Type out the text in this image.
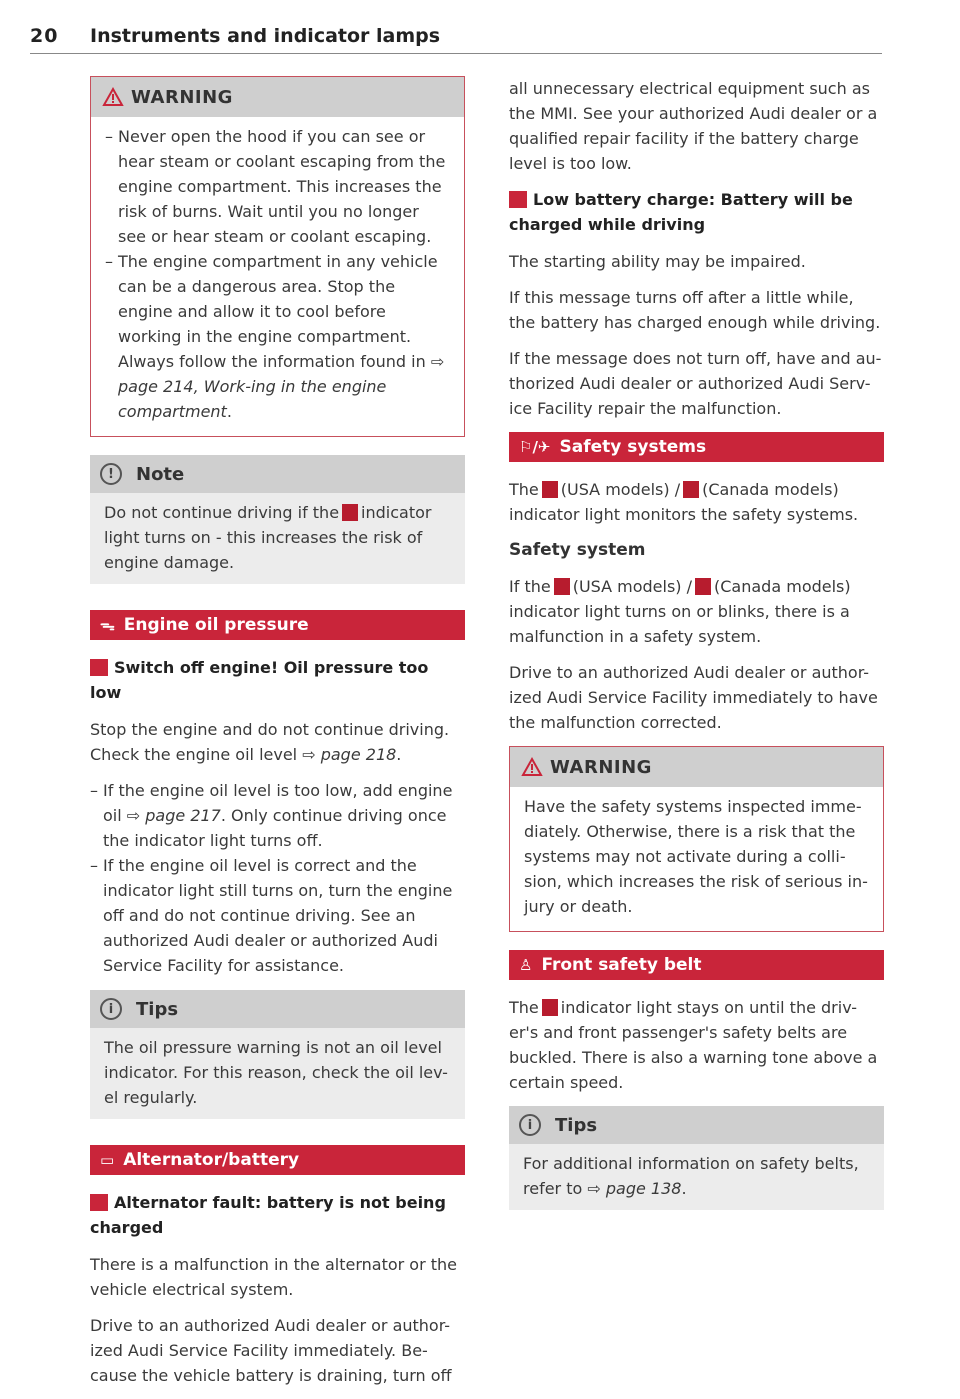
20 Instruments and indicator lamps
WARNING
– Never open the hood if you can see or hear steam or coolant escaping from the engine compartment. This increases the risk of burns. Wait until you no longer see or hear steam or coolant escaping.
– The engine compartment in any vehicle can be a dangerous area. Stop the engine and allow it to cool before working in the engine compartment. Always follow the information found in ⇨ page 214, Work-ing in the engine compartment.
!	Note
Do not continue driving if the indicator light turns on - this increases the risk of engine damage.
ᯓ Engine oil pressure
Switch off engine! Oil pressure too low

Stop the engine and do not continue driving. Check the engine oil level ⇨ page 218.

– If the engine oil level is too low, add engine oil ⇨ page 217. Only continue driving once the indicator light turns off.
– If the engine oil level is correct and the indicator light still turns on, turn the engine off and do not continue driving. See an authorized Audi dealer or authorized Audi Service Facility for assistance.
i	Tips
The oil pressure warning is not an oil level indicator. For this reason, check the oil lev-el regularly.
▭ Alternator/battery
Alternator fault: battery is not being charged

There is a malfunction in the alternator or the vehicle electrical system.

Drive to an authorized Audi dealer or author-ized Audi Service Facility immediately. Be-cause the vehicle battery is draining, turn off

all unnecessary electrical equipment such as the MMI. See your authorized Audi dealer or a qualified repair facility if the battery charge level is too low.

Low battery charge: Battery will be charged while driving

The starting ability may be impaired.

If this message turns off after a little while, the battery has charged enough while driving.

If the message does not turn off, have and au-thorized Audi dealer or authorized Audi Serv-ice Facility repair the malfunction.

⚐/✈ Safety systems

The (USA models) / (Canada models) indicator light monitors the safety systems.

Safety system

If the (USA models) / (Canada models) indicator light turns on or blinks, there is a malfunction in a safety system.

Drive to an authorized Audi dealer or author-ized Audi Service Facility immediately to have the malfunction corrected.

WARNING
Have the safety systems inspected imme-diately. Otherwise, there is a risk that the systems may not activate during a colli-sion, which increases the risk of serious in-jury or death.
♙ Front safety belt

The indicator light stays on until the driv-er's and front passenger's safety belts are buckled. There is also a warning tone above a certain speed.

i	Tips
For additional information on safety belts, refer to ⇨ page 138.
